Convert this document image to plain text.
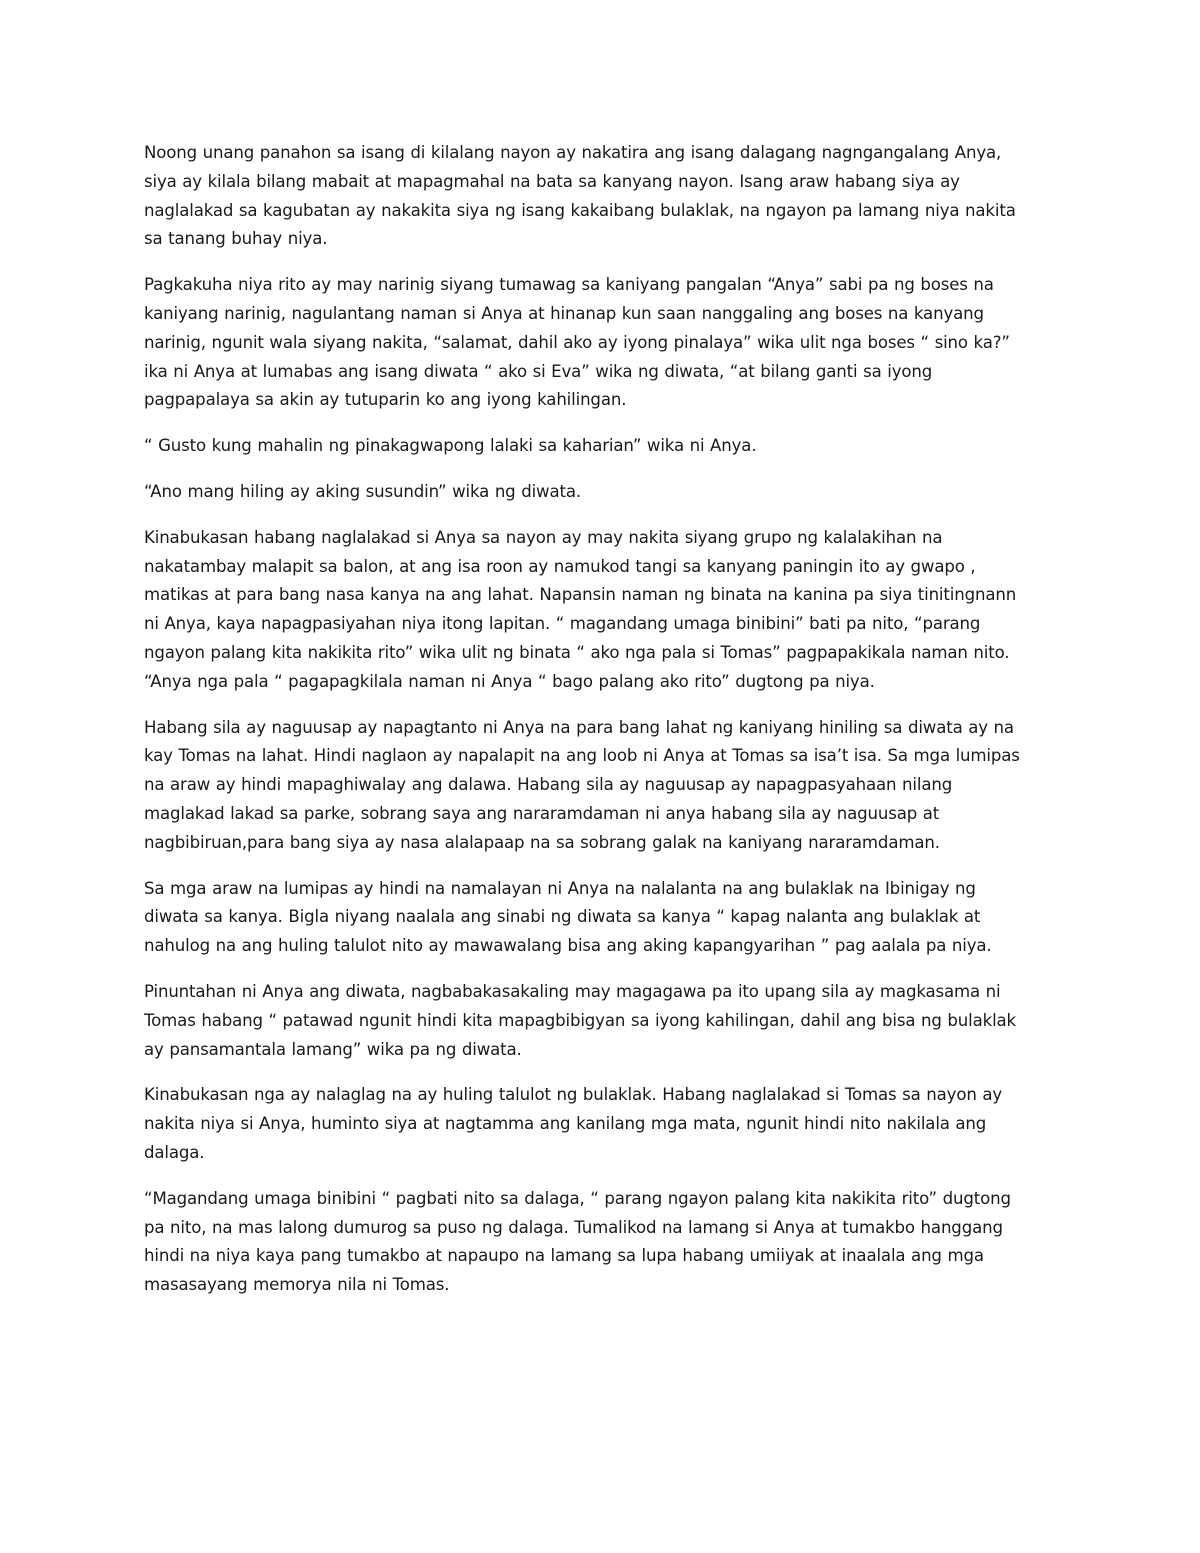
Noong unang panahon sa isang di kilalang nayon ay nakatira ang isang dalagang nagngangalang Anya,
siya ay kilala bilang mabait at mapagmahal na bata sa kanyang nayon. Isang araw habang siya ay
naglalakad sa kagubatan ay nakakita siya ng isang kakaibang bulaklak, na ngayon pa lamang niya nakita
sa tanang buhay niya.

Pagkakuha niya rito ay may narinig siyang tumawag sa kaniyang pangalan “Anya” sabi pa ng boses na
kaniyang narinig, nagulantang naman si Anya at hinanap kun saan nanggaling ang boses na kanyang
narinig, ngunit wala siyang nakita, “salamat, dahil ako ay iyong pinalaya” wika ulit nga boses “ sino ka?”
ika ni Anya at lumabas ang isang diwata “ ako si Eva” wika ng diwata, “at bilang ganti sa iyong
pagpapalaya sa akin ay tutuparin ko ang iyong kahilingan.

“ Gusto kung mahalin ng pinakagwapong lalaki sa kaharian” wika ni Anya.

“Ano mang hiling ay aking susundin” wika ng diwata.

Kinabukasan habang naglalakad si Anya sa nayon ay may nakita siyang grupo ng kalalakihan na
nakatambay malapit sa balon, at ang isa roon ay namukod tangi sa kanyang paningin ito ay gwapo ,
matikas at para bang nasa kanya na ang lahat. Napansin naman ng binata na kanina pa siya tinitingnann
ni Anya, kaya napagpasiyahan niya itong lapitan. “ magandang umaga binibini” bati pa nito, “parang
ngayon palang kita nakikita rito” wika ulit ng binata “ ako nga pala si Tomas” pagpapakikala naman nito.
“Anya nga pala “ pagapagkilala naman ni Anya “ bago palang ako rito” dugtong pa niya.

Habang sila ay naguusap ay napagtanto ni Anya na para bang lahat ng kaniyang hiniling sa diwata ay na
kay Tomas na lahat. Hindi naglaon ay napalapit na ang loob ni Anya at Tomas sa isa’t isa. Sa mga lumipas
na araw ay hindi mapaghiwalay ang dalawa. Habang sila ay naguusap ay napagpasyahaan nilang
maglakad lakad sa parke, sobrang saya ang nararamdaman ni anya habang sila ay naguusap at
nagbibiruan,para bang siya ay nasa alalapaap na sa sobrang galak na kaniyang nararamdaman.

Sa mga araw na lumipas ay hindi na namalayan ni Anya na nalalanta na ang bulaklak na Ibinigay ng
diwata sa kanya. Bigla niyang naalala ang sinabi ng diwata sa kanya “ kapag nalanta ang bulaklak at
nahulog na ang huling talulot nito ay mawawalang bisa ang aking kapangyarihan ” pag aalala pa niya.

Pinuntahan ni Anya ang diwata, nagbabakasakaling may magagawa pa ito upang sila ay magkasama ni
Tomas habang “ patawad ngunit hindi kita mapagbibigyan sa iyong kahilingan, dahil ang bisa ng bulaklak
ay pansamantala lamang” wika pa ng diwata.

Kinabukasan nga ay nalaglag na ay huling talulot ng bulaklak. Habang naglalakad si Tomas sa nayon ay
nakita niya si Anya, huminto siya at nagtamma ang kanilang mga mata, ngunit hindi nito nakilala ang
dalaga.

“Magandang umaga binibini “ pagbati nito sa dalaga, “ parang ngayon palang kita nakikita rito” dugtong
pa nito, na mas lalong dumurog sa puso ng dalaga. Tumalikod na lamang si Anya at tumakbo hanggang
hindi na niya kaya pang tumakbo at napaupo na lamang sa lupa habang umiiyak at inaalala ang mga
masasayang memorya nila ni Tomas.
